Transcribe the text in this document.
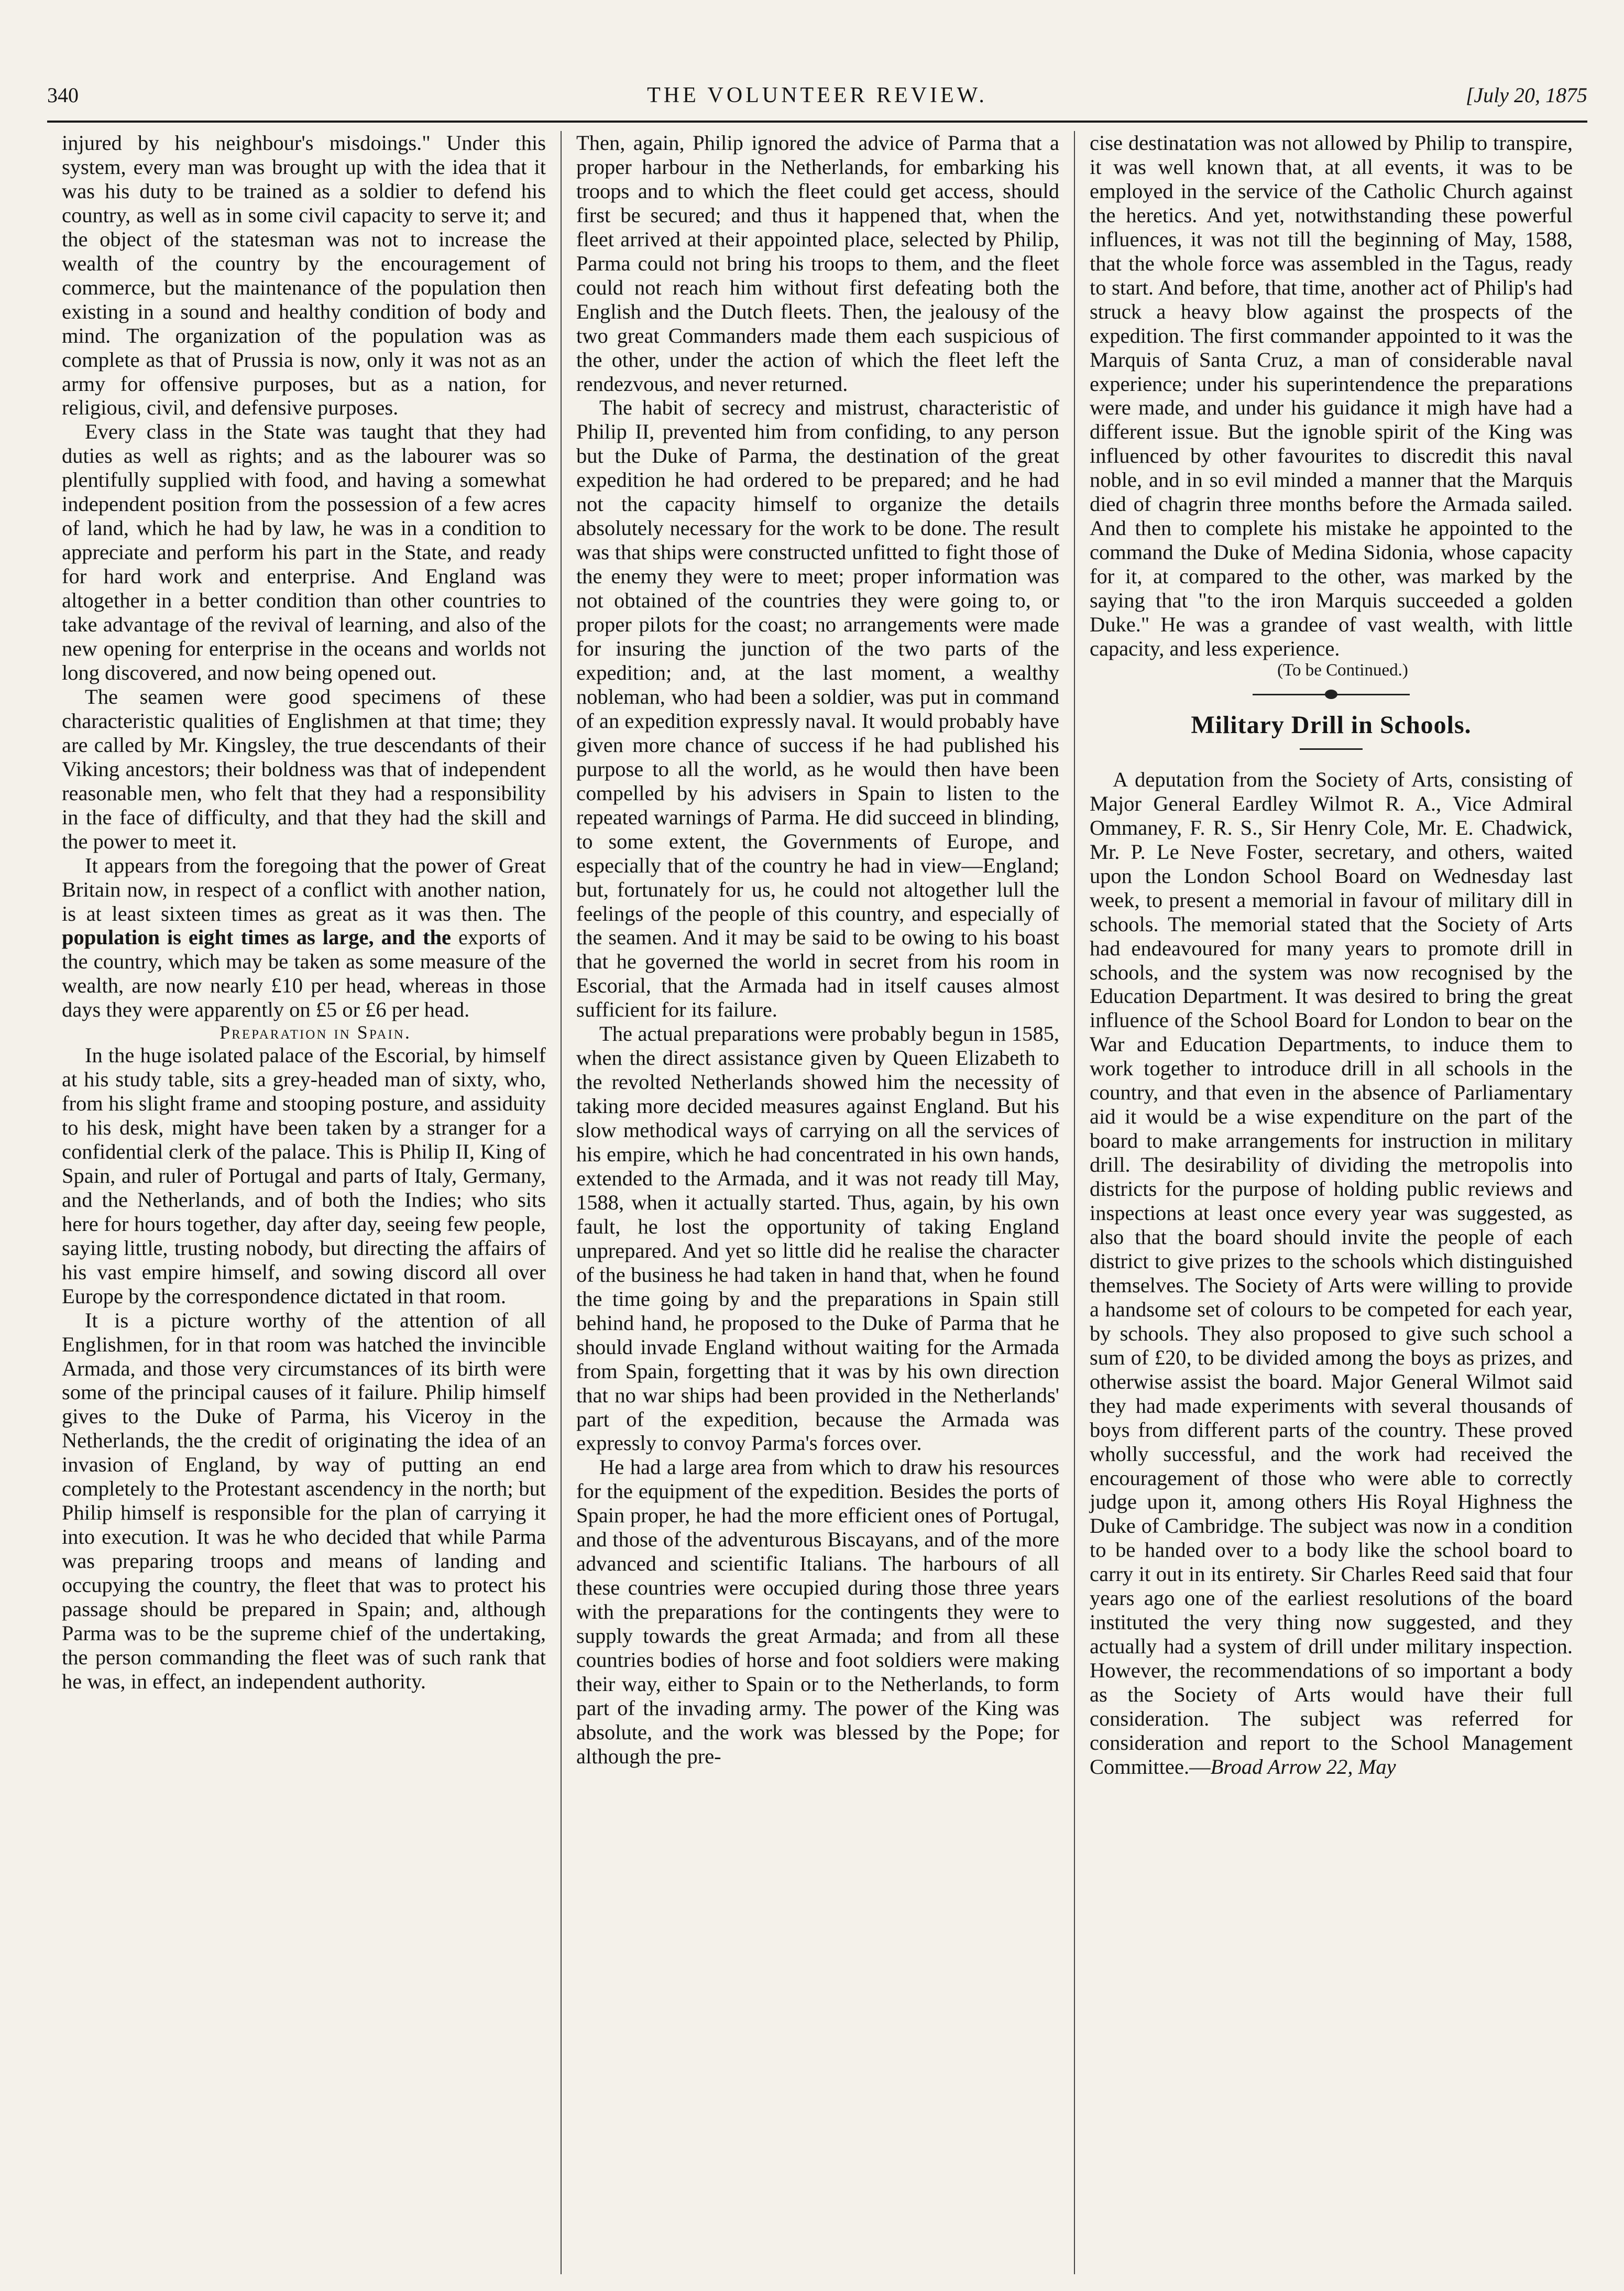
340	THE VOLUNTEER REVIEW.	[July 20, 1875

injured by his neighbour's misdoings." Under this system, every man was brought up with the idea that it was his duty to be trained as a soldier to defend his country, as well as in some civil capacity to serve it; and the object of the statesman was not to increase the wealth of the country by the encouragement of commerce, but the maintenance of the population then existing in a sound and healthy condition of body and mind. The organization of the population was as complete as that of Prussia is now, only it was not as an army for offensive purposes, but as a nation, for religious, civil, and defensive purposes.

Every class in the State was taught that they had duties as well as rights; and as the labourer was so plentifully supplied with food, and having a somewhat independent position from the possession of a few acres of land, which he had by law, he was in a condition to appreciate and perform his part in the State, and ready for hard work and enterprise. And England was altogether in a better condition than other countries to take advantage of the revival of learning, and also of the new opening for enterprise in the oceans and worlds not long discovered, and now being opened out.

The seamen were good specimens of these characteristic qualities of Englishmen at that time; they are called by Mr. Kingsley, the true descendants of their Viking ancestors; their boldness was that of independent reasonable men, who felt that they had a responsibility in the face of difficulty, and that they had the skill and the power to meet it.

It appears from the foregoing that the power of Great Britain now, in respect of a conflict with another nation, is at least sixteen times as great as it was then. The population is eight times as large, and the exports of the country, which may be taken as some measure of the wealth, are now nearly £10 per head, whereas in those days they were apparently on £5 or £6 per head.

Preparation in Spain.

In the huge isolated palace of the Escorial, by himself at his study table, sits a grey-headed man of sixty, who, from his slight frame and stooping posture, and assiduity to his desk, might have been taken by a stranger for a confidential clerk of the palace. This is Philip II, King of Spain, and ruler of Portugal and parts of Italy, Germany, and the Netherlands, and of both the Indies; who sits here for hours together, day after day, seeing few people, saying little, trusting nobody, but directing the affairs of his vast empire himself, and sowing discord all over Europe by the correspondence dictated in that room.

It is a picture worthy of the attention of all Englishmen, for in that room was hatched the invincible Armada, and those very circumstances of its birth were some of the principal causes of it failure. Philip himself gives to the Duke of Parma, his Viceroy in the Netherlands, the the credit of originating the idea of an invasion of England, by way of putting an end completely to the Protestant ascendency in the north; but Philip himself is responsible for the plan of carrying it into execution. It was he who decided that while Parma was preparing troops and means of landing and occupying the country, the fleet that was to protect his passage should be prepared in Spain; and, although Parma was to be the supreme chief of the undertaking, the person commanding the fleet was of such rank that he was, in effect, an independent authority.

Then, again, Philip ignored the advice of Parma that a proper harbour in the Netherlands, for embarking his troops and to which the fleet could get access, should first be secured; and thus it happened that, when the fleet arrived at their appointed place, selected by Philip, Parma could not bring his troops to them, and the fleet could not reach him without first defeating both the English and the Dutch fleets. Then, the jealousy of the two great Commanders made them each suspicious of the other, under the action of which the fleet left the rendezvous, and never returned.

The habit of secrecy and mistrust, characteristic of Philip II, prevented him from confiding, to any person but the Duke of Parma, the destination of the great expedition he had ordered to be prepared; and he had not the capacity himself to organize the details absolutely necessary for the work to be done. The result was that ships were constructed unfitted to fight those of the enemy they were to meet; proper information was not obtained of the countries they were going to, or proper pilots for the coast; no arrangements were made for insuring the junction of the two parts of the expedition; and, at the last moment, a wealthy nobleman, who had been a soldier, was put in command of an expedition expressly naval. It would probably have given more chance of success if he had published his purpose to all the world, as he would then have been compelled by his advisers in Spain to listen to the repeated warnings of Parma. He did succeed in blinding, to some extent, the Governments of Europe, and especially that of the country he had in view—England; but, fortunately for us, he could not altogether lull the feelings of the people of this country, and especially of the seamen. And it may be said to be owing to his boast that he governed the world in secret from his room in Escorial, that the Armada had in itself causes almost sufficient for its failure.

The actual preparations were probably begun in 1585, when the direct assistance given by Queen Elizabeth to the revolted Netherlands showed him the necessity of taking more decided measures against England. But his slow methodical ways of carrying on all the services of his empire, which he had concentrated in his own hands, extended to the Armada, and it was not ready till May, 1588, when it actually started. Thus, again, by his own fault, he lost the opportunity of taking England unprepared. And yet so little did he realise the character of the business he had taken in hand that, when he found the time going by and the preparations in Spain still behind hand, he proposed to the Duke of Parma that he should invade England without waiting for the Armada from Spain, forgetting that it was by his own direction that no war ships had been provided in the Netherlands' part of the expedition, because the Armada was expressly to convoy Parma's forces over.

He had a large area from which to draw his resources for the equipment of the expedition. Besides the ports of Spain proper, he had the more efficient ones of Portugal, and those of the adventurous Biscayans, and of the more advanced and scientific Italians. The harbours of all these countries were occupied during those three years with the preparations for the contingents they were to supply towards the great Armada; and from all these countries bodies of horse and foot soldiers were making their way, either to Spain or to the Netherlands, to form part of the invading army. The power of the King was absolute, and the work was blessed by the Pope; for although the pre-

cise destinatation was not allowed by Philip to transpire, it was well known that, at all events, it was to be employed in the service of the Catholic Church against the heretics. And yet, notwithstanding these powerful influences, it was not till the beginning of May, 1588, that the whole force was assembled in the Tagus, ready to start. And before, that time, another act of Philip's had struck a heavy blow against the prospects of the expedition. The first commander appointed to it was the Marquis of Santa Cruz, a man of considerable naval experience; under his superintendence the preparations were made, and under his guidance it migh have had a different issue. But the ignoble spirit of the King was influenced by other favourites to discredit this naval noble, and in so evil minded a manner that the Marquis died of chagrin three months before the Armada sailed. And then to complete his mistake he appointed to the command the Duke of Medina Sidonia, whose capacity for it, at compared to the other, was marked by the saying that "to the iron Marquis succeeded a golden Duke." He was a grandee of vast wealth, with little capacity, and less experience.

(To be Continued.)

Military Drill in Schools.

A deputation from the Society of Arts, consisting of Major General Eardley Wilmot R. A., Vice Admiral Ommaney, F. R. S., Sir Henry Cole, Mr. E. Chadwick, Mr. P. Le Neve Foster, secretary, and others, waited upon the London School Board on Wednesday last week, to present a memorial in favour of military dill in schools. The memorial stated that the Society of Arts had endeavoured for many years to promote drill in schools, and the system was now recognised by the Education Department. It was desired to bring the great influence of the School Board for London to bear on the War and Education Departments, to induce them to work together to introduce drill in all schools in the country, and that even in the absence of Parliamentary aid it would be a wise expenditure on the part of the board to make arrangements for instruction in military drill. The desirability of dividing the metropolis into districts for the purpose of holding public reviews and inspections at least once every year was suggested, as also that the board should invite the people of each district to give prizes to the schools which distinguished themselves. The Society of Arts were willing to provide a handsome set of colours to be competed for each year, by schools. They also proposed to give such school a sum of £20, to be divided among the boys as prizes, and otherwise assist the board. Major General Wilmot said they had made experiments with several thousands of boys from different parts of the country. These proved wholly successful, and the work had received the encouragement of those who were able to correctly judge upon it, among others His Royal Highness the Duke of Cambridge. The subject was now in a condition to be handed over to a body like the school board to carry it out in its entirety. Sir Charles Reed said that four years ago one of the earliest resolutions of the board instituted the very thing now suggested, and they actually had a system of drill under military inspection. However, the recommendations of so important a body as the Society of Arts would have their full consideration. The subject was referred for consideration and report to the School Management Committee.—Broad Arrow 22, May
